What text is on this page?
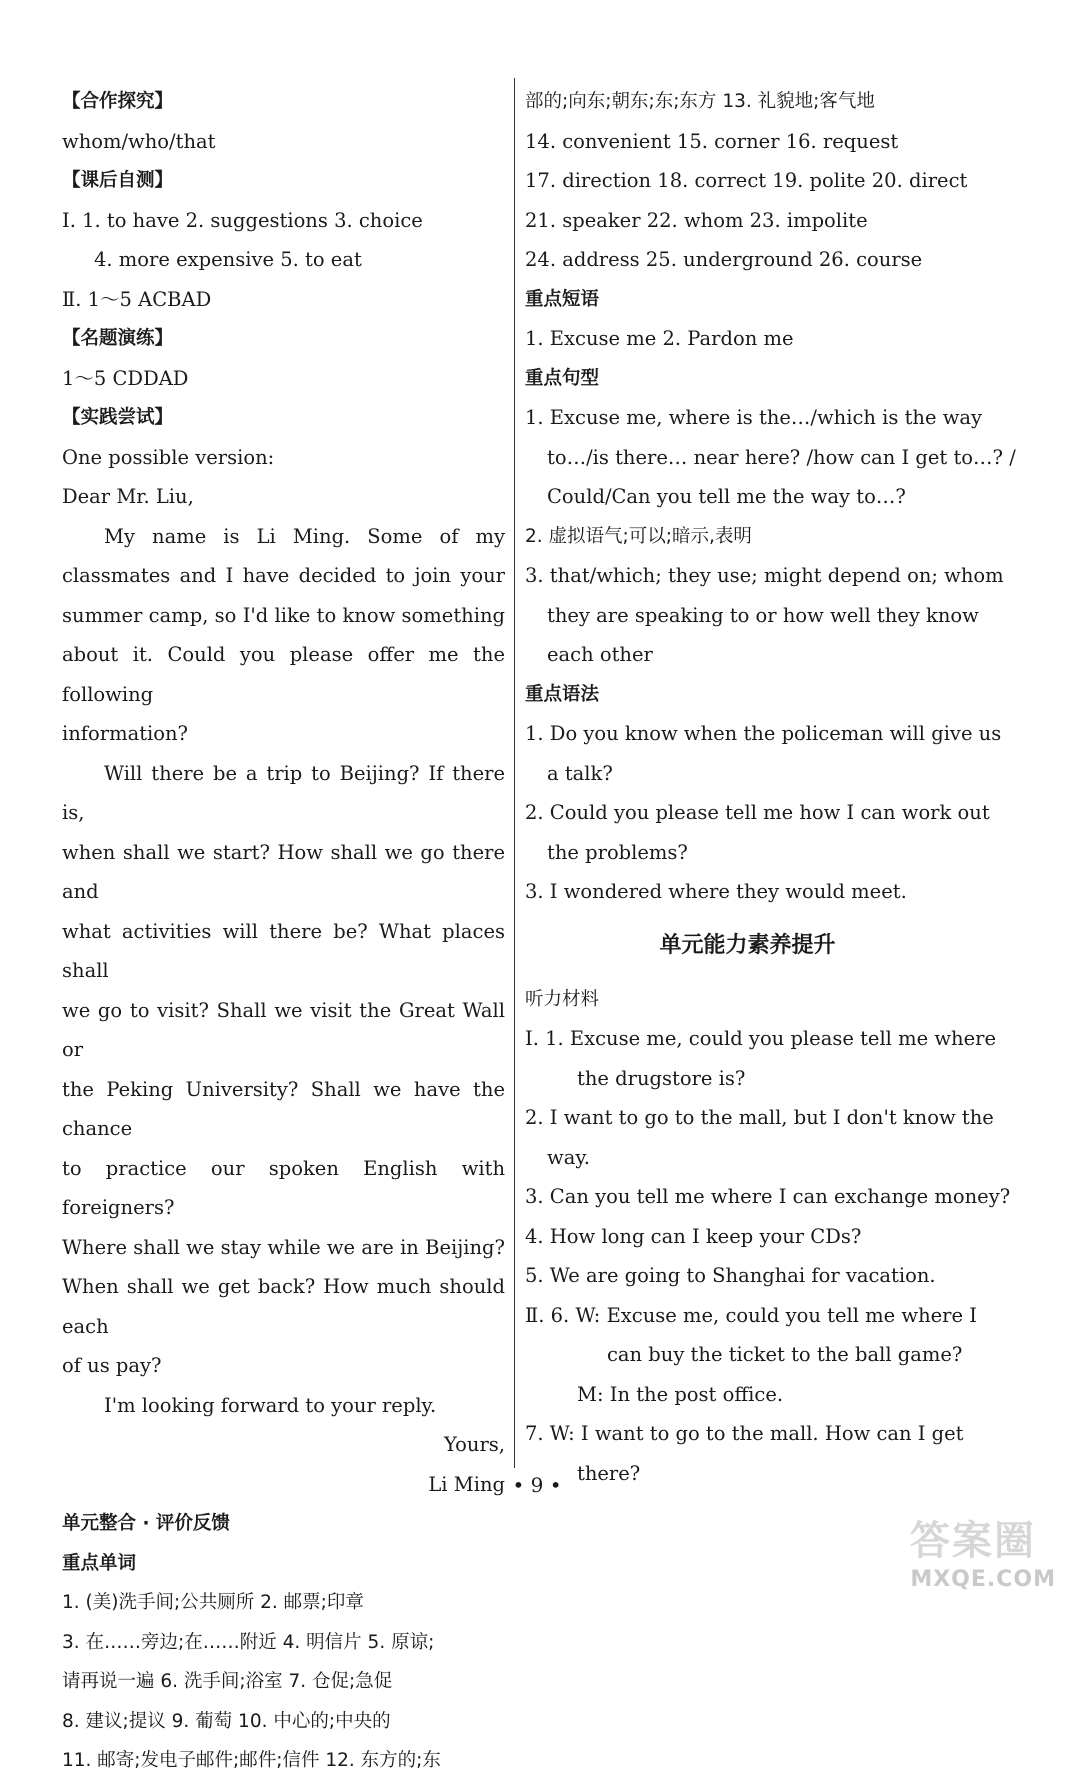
【合作探究】
whom/who/that
【课后自测】
Ⅰ. 1. to have 2. suggestions 3. choice
4. more expensive 5. to eat
Ⅱ. 1～5 ACBAD
【名题演练】
1～5 CDDAD
【实践尝试】
One possible version:
Dear Mr. Liu,
My name is Li Ming. Some of my
classmates and I have decided to join your
summer camp, so I'd like to know something
about it. Could you please offer me the following
information?
Will there be a trip to Beijing? If there is,
when shall we start? How shall we go there and
what activities will there be? What places shall
we go to visit? Shall we visit the Great Wall or
the Peking University? Shall we have the chance
to practice our spoken English with foreigners?
Where shall we stay while we are in Beijing?
When shall we get back? How much should each
of us pay?
I'm looking forward to your reply.
Yours,
Li Ming
单元整合 · 评价反馈
重点单词
1. (美)洗手间;公共厕所 2. 邮票;印章
3. 在……旁边;在……附近 4. 明信片 5. 原谅;
请再说一遍 6. 洗手间;浴室 7. 仓促;急促
8. 建议;提议 9. 葡萄 10. 中心的;中央的
11. 邮寄;发电子邮件;邮件;信件 12. 东方的;东
部的;向东;朝东;东;东方 13. 礼貌地;客气地
14. convenient 15. corner 16. request
17. direction 18. correct 19. polite 20. direct
21. speaker 22. whom 23. impolite
24. address 25. underground 26. course
重点短语
1. Excuse me 2. Pardon me
重点句型
1. Excuse me, where is the…/which is the way
to…/is there… near here? /how can I get to…? /
Could/Can you tell me the way to…?
2. 虚拟语气;可以;暗示,表明
3. that/which; they use; might depend on; whom
they are speaking to or how well they know
each other
重点语法
1. Do you know when the policeman will give us
a talk?
2. Could you please tell me how I can work out
the problems?
3. I wondered where they would meet.
单元能力素养提升
听力材料
Ⅰ. 1. Excuse me, could you please tell me where
the drugstore is?
2. I want to go to the mall, but I don't know the
way.
3. Can you tell me where I can exchange money?
4. How long can I keep your CDs?
5. We are going to Shanghai for vacation.
Ⅱ. 6. W: Excuse me, could you tell me where I
can buy the ticket to the ball game?
M: In the post office.
7. W: I want to go to the mall. How can I get
there?
• 9 •
答案圈
MXQE.COM
